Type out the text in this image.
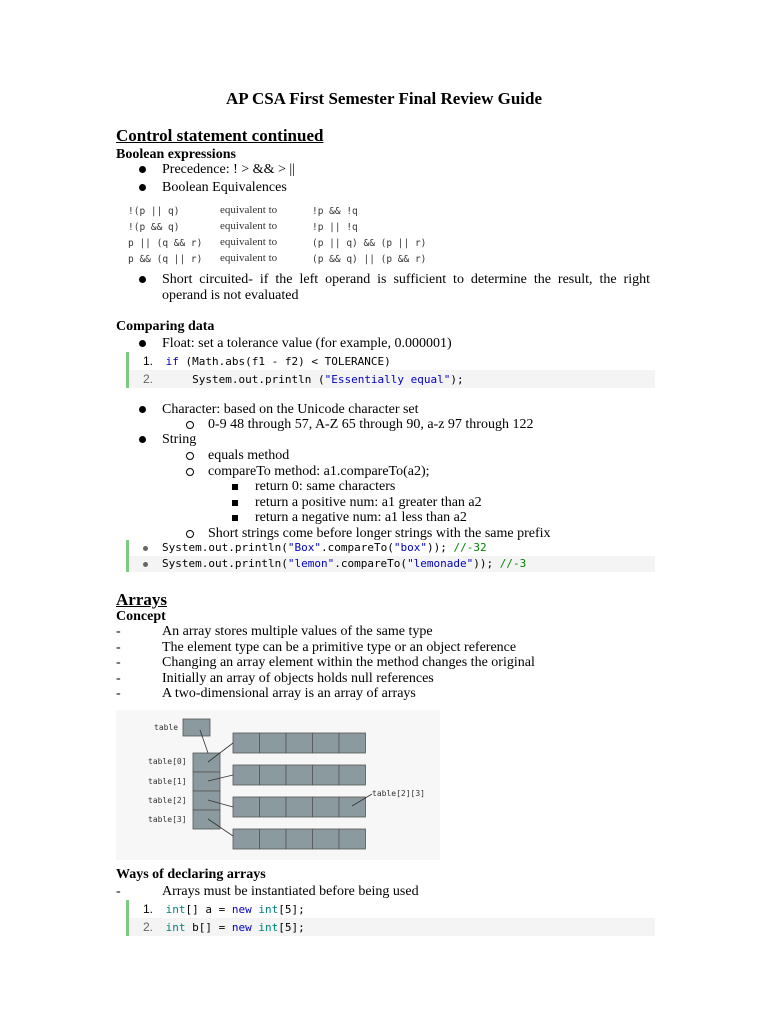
AP CSA First Semester Final Review Guide
Control statement continued
Boolean expressions
Precedence: ! > && > ||
Boolean Equivalences
!(p || q)	equivalent to	!p && !q
!(p && q)	equivalent to	!p || !q
p || (q && r) equivalent to	(p || q) && (p || r)
p && (q || r) equivalent to	(p && q) || (p && r)
Short circuited- if the left operand is sufficient to determine the result, the right
operand is not evaluated
Comparing data
Float: set a tolerance value (for example, 0.000001)
1. if (Math.abs(f1 - f2) < TOLERANCE)
2.     System.out.println ("Essentially equal");
Character: based on the Unicode character set
0-9 48 through 57, A-Z 65 through 90, a-z 97 through 122
String
equals method
compareTo method: a1.compareTo(a2);
return 0: same characters
return a positive num: a1 greater than a2
return a negative num: a1 less than a2
Short strings come before longer strings with the same prefix
System.out.println("Box".compareTo("box")); //-32
System.out.println("lemon".compareTo("lemonade")); //-3
Arrays
Concept
-	An array stores multiple values of the same type
-	The element type can be a primitive type or an object reference
-	Changing an array element within the method changes the original
-	Initially an array of objects holds null references
-	A two-dimensional array is an array of arrays
table
table[0]
table[1]
table[2]
table[3]
table[2][3]
Ways of declaring arrays
-	Arrays must be instantiated before being used
1. int[] a = new int[5];
2. int b[] = new int[5];
